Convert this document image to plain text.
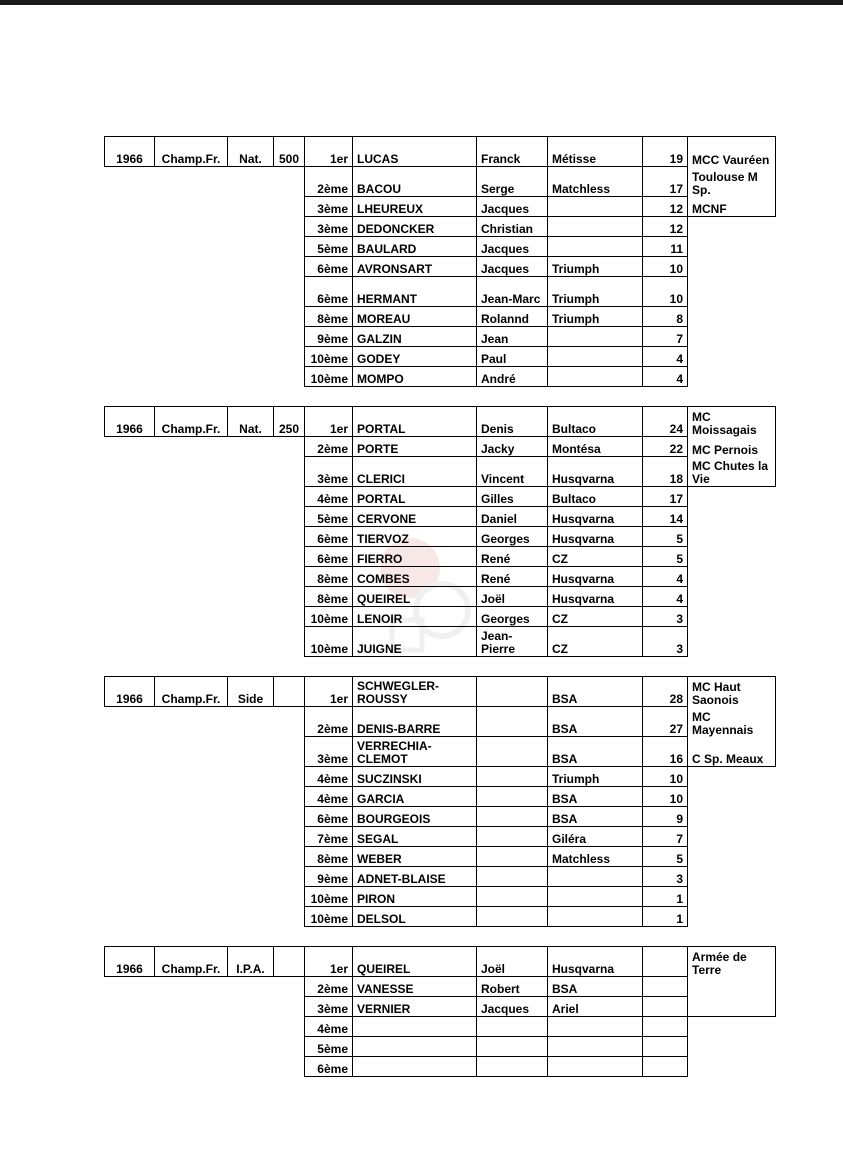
1966	Champ.Fr.	Nat.	500	1er	LUCAS	Franck	Métisse	19	MCC Vauréen
				2ème	BACOU	Serge	Matchless	17	Toulouse M Sp.
				3ème	LHEUREUX	Jacques		12	MCNF
				3ème	DEDONCKER	Christian		12	
				5ème	BAULARD	Jacques		11	
				6ème	AVRONSART	Jacques	Triumph	10	
				6ème	HERMANT	Jean-Marc	Triumph	10	
				8ème	MOREAU	Rolannd	Triumph	8	
				9ème	GALZIN	Jean		7	
				10ème	GODEY	Paul		4	
				10ème	MOMPO	André		4	
1966	Champ.Fr.	Nat.	250	1er	PORTAL	Denis	Bultaco	24	MC Moissagais
				2ème	PORTE	Jacky	Montésa	22	MC Pernois
				3ème	CLERICI	Vincent	Husqvarna	18	MC Chutes la Vie
				4ème	PORTAL	Gilles	Bultaco	17	
				5ème	CERVONE	Daniel	Husqvarna	14	
				6ème	TIERVOZ	Georges	Husqvarna	5	
				6ème	FIERRO	René	CZ	5	
				8ème	COMBES	René	Husqvarna	4	
				8ème	QUEIREL	Joël	Husqvarna	4	
				10ème	LENOIR	Georges	CZ	3	
				10ème	JUIGNE	Jean-Pierre	CZ	3	
1966	Champ.Fr.	Side		1er	SCHWEGLER-ROUSSY		BSA	28	MC Haut Saonois
				2ème	DENIS-BARRE		BSA	27	MC Mayennais
				3ème	VERRECHIA-CLEMOT		BSA	16	C Sp. Meaux
				4ème	SUCZINSKI		Triumph	10	
				4ème	GARCIA		BSA	10	
				6ème	BOURGEOIS		BSA	9	
				7ème	SEGAL		Giléra	7	
				8ème	WEBER		Matchless	5	
				9ème	ADNET-BLAISE			3	
				10ème	PIRON			1	
				10ème	DELSOL			1	
1966	Champ.Fr.	I.P.A.		1er	QUEIREL	Joël	Husqvarna		Armée de Terre
				2ème	VANESSE	Robert	BSA		
				3ème	VERNIER	Jacques	Ariel		
				4ème					
				5ème					
				6ème					
